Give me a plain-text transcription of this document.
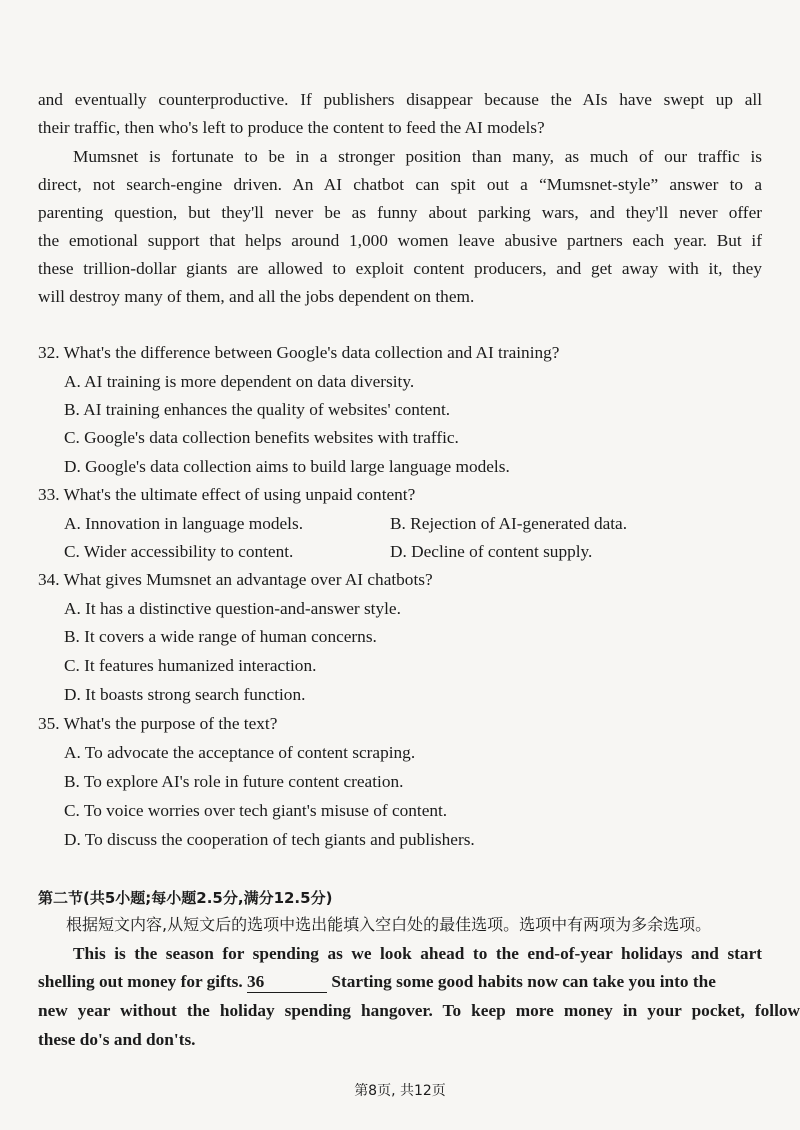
and eventually counterproductive. If publishers disappear because the AIs have swept up all
their traffic, then who's left to produce the content to feed the AI models?
Mumsnet is fortunate to be in a stronger position than many, as much of our traffic is
direct, not search-engine driven. An AI chatbot can spit out a “Mumsnet-style” answer to a
parenting question, but they'll never be as funny about parking wars, and they'll never offer
the emotional support that helps around 1,000 women leave abusive partners each year. But if
these trillion-dollar giants are allowed to exploit content producers, and get away with it, they
will destroy many of them, and all the jobs dependent on them.
32. What's the difference between Google's data collection and AI training?
A. AI training is more dependent on data diversity.
B. AI training enhances the quality of websites' content.
C. Google's data collection benefits websites with traffic.
D. Google's data collection aims to build large language models.
33. What's the ultimate effect of using unpaid content?
A. Innovation in language models.	B. Rejection of AI-generated data.
C. Wider accessibility to content.	D. Decline of content supply.
34. What gives Mumsnet an advantage over AI chatbots?
A. It has a distinctive question-and-answer style.
B. It covers a wide range of human concerns.
C. It features humanized interaction.
D. It boasts strong search function.
35. What's the purpose of the text?
A. To advocate the acceptance of content scraping.
B. To explore AI's role in future content creation.
C. To voice worries over tech giant's misuse of content.
D. To discuss the cooperation of tech giants and publishers.
第二节(共5小题;每小题2.5分,满分12.5分)
根据短文内容,从短文后的选项中选出能填入空白处的最佳选项。选项中有两项为多余选项。
This is the season for spending as we look ahead to the end-of-year holidays and start
shelling out money for gifts. 36	Starting some good habits now can take you into the
new year without the holiday spending hangover. To keep more money in your pocket, follow
these do's and don'ts.
第8页, 共12页
